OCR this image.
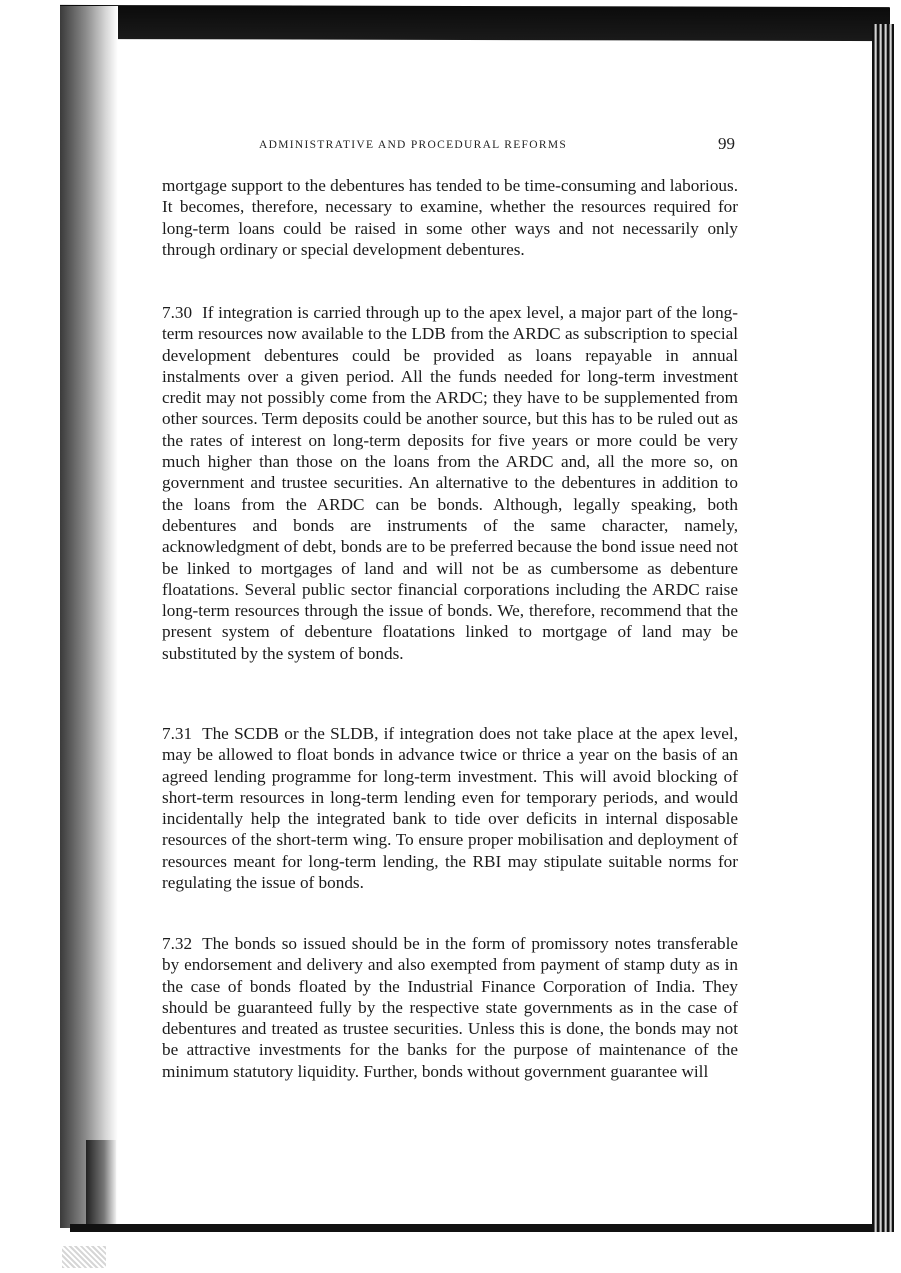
ADMINISTRATIVE AND PROCEDURAL REFORMS	99
mortgage support to the debentures has tended to be time-consuming and laborious. It becomes, therefore, necessary to examine, whether the resources required for long-term loans could be raised in some other ways and not necessarily only through ordinary or special development debentures.
7.30 If integration is carried through up to the apex level, a major part of the long-term resources now available to the LDB from the ARDC as subscription to special development debentures could be provided as loans repayable in annual instalments over a given period. All the funds needed for long-term investment credit may not possibly come from the ARDC; they have to be supplemented from other sources. Term deposits could be another source, but this has to be ruled out as the rates of interest on long-term deposits for five years or more could be very much higher than those on the loans from the ARDC and, all the more so, on government and trustee securities. An alternative to the debentures in addition to the loans from the ARDC can be bonds. Although, legally speaking, both debentures and bonds are instruments of the same character, namely, acknowledgment of debt, bonds are to be preferred because the bond issue need not be linked to mortgages of land and will not be as cumbersome as debenture floatations. Several public sector financial corporations including the ARDC raise long-term resources through the issue of bonds. We, therefore, recommend that the present system of debenture floatations linked to mortgage of land may be substituted by the system of bonds.
7.31 The SCDB or the SLDB, if integration does not take place at the apex level, may be allowed to float bonds in advance twice or thrice a year on the basis of an agreed lending programme for long-term investment. This will avoid blocking of short-term resources in long-term lending even for temporary periods, and would incidentally help the integrated bank to tide over deficits in internal disposable resources of the short-term wing. To ensure proper mobilisation and deployment of resources meant for long-term lending, the RBI may stipulate suitable norms for regulating the issue of bonds.
7.32 The bonds so issued should be in the form of promissory notes transferable by endorsement and delivery and also exempted from payment of stamp duty as in the case of bonds floated by the Industrial Finance Corporation of India. They should be guaranteed fully by the respective state governments as in the case of debentures and treated as trustee securities. Unless this is done, the bonds may not be attractive investments for the banks for the purpose of maintenance of the minimum statutory liquidity. Further, bonds without government guarantee will
